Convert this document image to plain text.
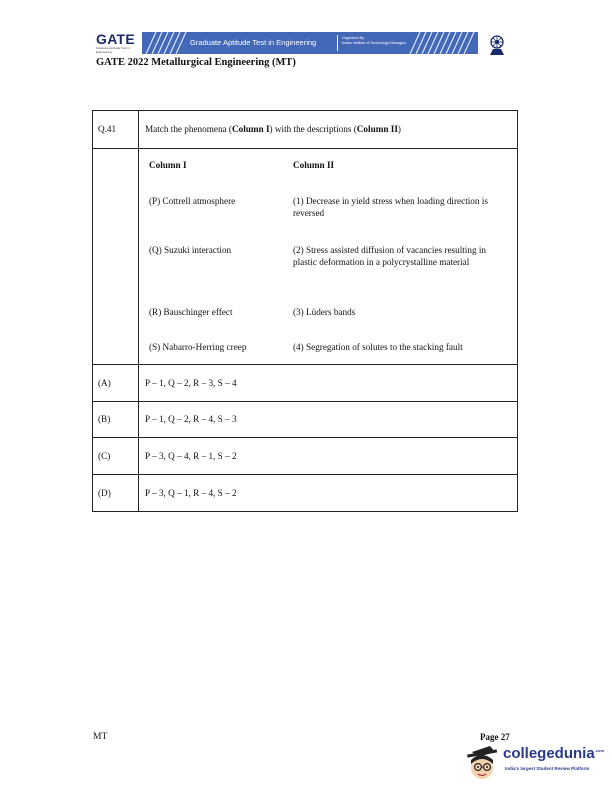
GATE
Graduate Aptitude Test in Engineering
Graduate Aptitude Test in Engineering	Organised By
Indian Institute of Technology Kharagpur
GATE 2022 Metallurgical Engineering (MT)
Q.41	Match the phenomena (Column I) with the descriptions (Column II)
Column I	Column II
(P) Cottrell atmosphere	(1) Decrease in yield stress when loading direction is reversed
(Q) Suzuki interaction	(2) Stress assisted diffusion of vacancies resulting in plastic deformation in a polycrystalline material
(R) Bauschinger effect	(3) Lüders bands
(S) Nabarro-Herring creep	(4) Segregation of solutes to the stacking fault
(A)	P – 1, Q – 2, R – 3, S – 4
(B)	P – 1, Q – 2, R – 4, S – 3
(C)	P – 3, Q – 4, R – 1, S – 2
(D)	P – 3, Q – 1, R – 4, S – 2
MT	Page 27
collegedunia$^{.com}$
India's largest Student Review Platform
